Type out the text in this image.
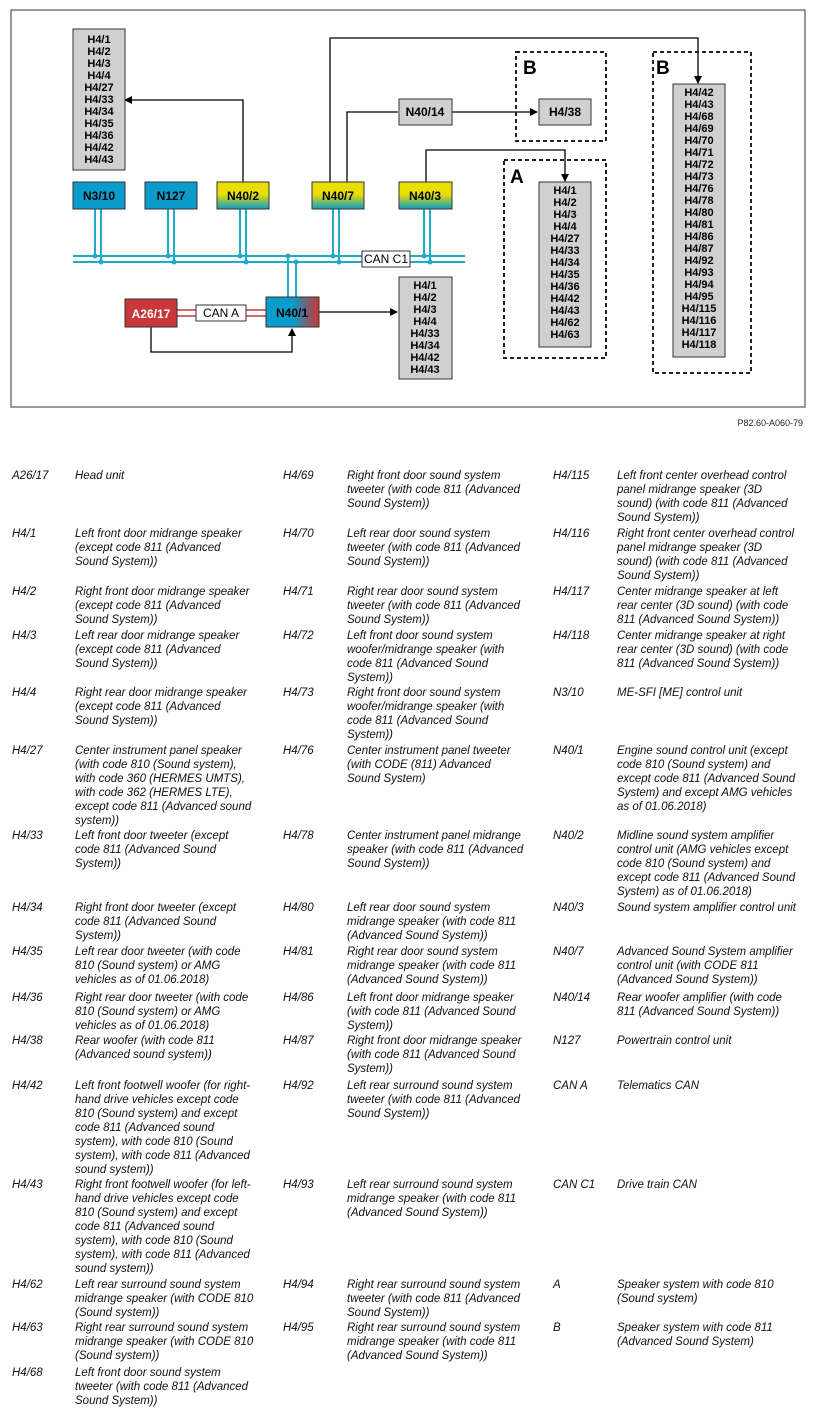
B
A
B
H4/1
H4/2
H4/3
H4/4
H4/27
H4/33
H4/34
H4/35
H4/36
H4/42
H4/43
H4/1
H4/2
H4/3
H4/4
H4/33
H4/34
H4/42
H4/43
H4/1
H4/2
H4/3
H4/4
H4/27
H4/33
H4/34
H4/35
H4/36
H4/42
H4/43
H4/62
H4/63
H4/42
H4/43
H4/68
H4/69
H4/70
H4/71
H4/72
H4/73
H4/76
H4/78
H4/80
H4/81
H4/86
H4/87
H4/92
H4/93
H4/94
H4/95
H4/115
H4/116
H4/117
H4/118
N3/10	N127	N40/2	N40/7	N40/3
N40/14	H4/38
A26/17	N40/1
CAN C1
CAN A
P82.60-A060-79
A26/17	Head unit
H4/1	Left front door midrange speaker
(except code 811 (Advanced
Sound System))
H4/2	Right front door midrange speaker
(except code 811 (Advanced
Sound System))
H4/3	Left rear door midrange speaker
(except code 811 (Advanced
Sound System))
H4/4	Right rear door midrange speaker
(except code 811 (Advanced
Sound System))
H4/27	Center instrument panel speaker
(with code 810 (Sound system),
with code 360 (HERMES UMTS),
with code 362 (HERMES LTE),
except code 811 (Advanced sound
system))
H4/33	Left front door tweeter (except
code 811 (Advanced Sound
System))
H4/34	Right front door tweeter (except
code 811 (Advanced Sound
System))
H4/35	Left rear door tweeter (with code
810 (Sound system) or AMG
vehicles as of 01.06.2018)
H4/36	Right rear door tweeter (with code
810 (Sound system) or AMG
vehicles as of 01.06.2018)
H4/38	Rear woofer (with code 811
(Advanced sound system))
H4/42	Left front footwell woofer (for right-
hand drive vehicles except code
810 (Sound system) and except
code 811 (Advanced sound
system), with code 810 (Sound
system), with code 811 (Advanced
sound system))
H4/43	Right front footwell woofer (for left-
hand drive vehicles except code
810 (Sound system) and except
code 811 (Advanced sound
system), with code 810 (Sound
system), with code 811 (Advanced
sound system))
H4/62	Left rear surround sound system
midrange speaker (with CODE 810
(Sound system))
H4/63	Right rear surround sound system
midrange speaker (with CODE 810
(Sound system))
H4/68	Left front door sound system
tweeter (with code 811 (Advanced
Sound System))
H4/69	Right front door sound system
tweeter (with code 811 (Advanced
Sound System))
H4/70	Left rear door sound system
tweeter (with code 811 (Advanced
Sound System))
H4/71	Right rear door sound system
tweeter (with code 811 (Advanced
Sound System))
H4/72	Left front door sound system
woofer/midrange speaker (with
code 811 (Advanced Sound
System))
H4/73	Right front door sound system
woofer/midrange speaker (with
code 811 (Advanced Sound
System))
H4/76	Center instrument panel tweeter
(with CODE (811) Advanced
Sound System)
H4/78	Center instrument panel midrange
speaker (with code 811 (Advanced
Sound System))
H4/80	Left rear door sound system
midrange speaker (with code 811
(Advanced Sound System))
H4/81	Right rear door sound system
midrange speaker (with code 811
(Advanced Sound System))
H4/86	Left front door midrange speaker
(with code 811 (Advanced Sound
System))
H4/87	Right front door midrange speaker
(with code 811 (Advanced Sound
System))
H4/92	Left rear surround sound system
tweeter (with code 811 (Advanced
Sound System))
H4/93	Left rear surround sound system
midrange speaker (with code 811
(Advanced Sound System))
H4/94	Right rear surround sound system
tweeter (with code 811 (Advanced
Sound System))
H4/95	Right rear surround sound system
midrange speaker (with code 811
(Advanced Sound System))
H4/115	Left front center overhead control
panel midrange speaker (3D
sound) (with code 811 (Advanced
Sound System))
H4/116	Right front center overhead control
panel midrange speaker (3D
sound) (with code 811 (Advanced
Sound System))
H4/117	Center midrange speaker at left
rear center (3D sound) (with code
811 (Advanced Sound System))
H4/118	Center midrange speaker at right
rear center (3D sound) (with code
811 (Advanced Sound System))
N3/10	ME-SFI [ME] control unit
N40/1	Engine sound control unit (except
code 810 (Sound system) and
except code 811 (Advanced Sound
System) and except AMG vehicles
as of 01.06.2018)
N40/2	Midline sound system amplifier
control unit (AMG vehicles except
code 810 (Sound system) and
except code 811 (Advanced Sound
System) as of 01.06.2018)
N40/3	Sound system amplifier control unit
N40/7	Advanced Sound System amplifier
control unit (with CODE 811
(Advanced Sound System))
N40/14	Rear woofer amplifier (with code
811 (Advanced Sound System))
N127	Powertrain control unit
CAN A	Telematics CAN
CAN C1	Drive train CAN
A	Speaker system with code 810
(Sound system)
B	Speaker system with code 811
(Advanced Sound System)
